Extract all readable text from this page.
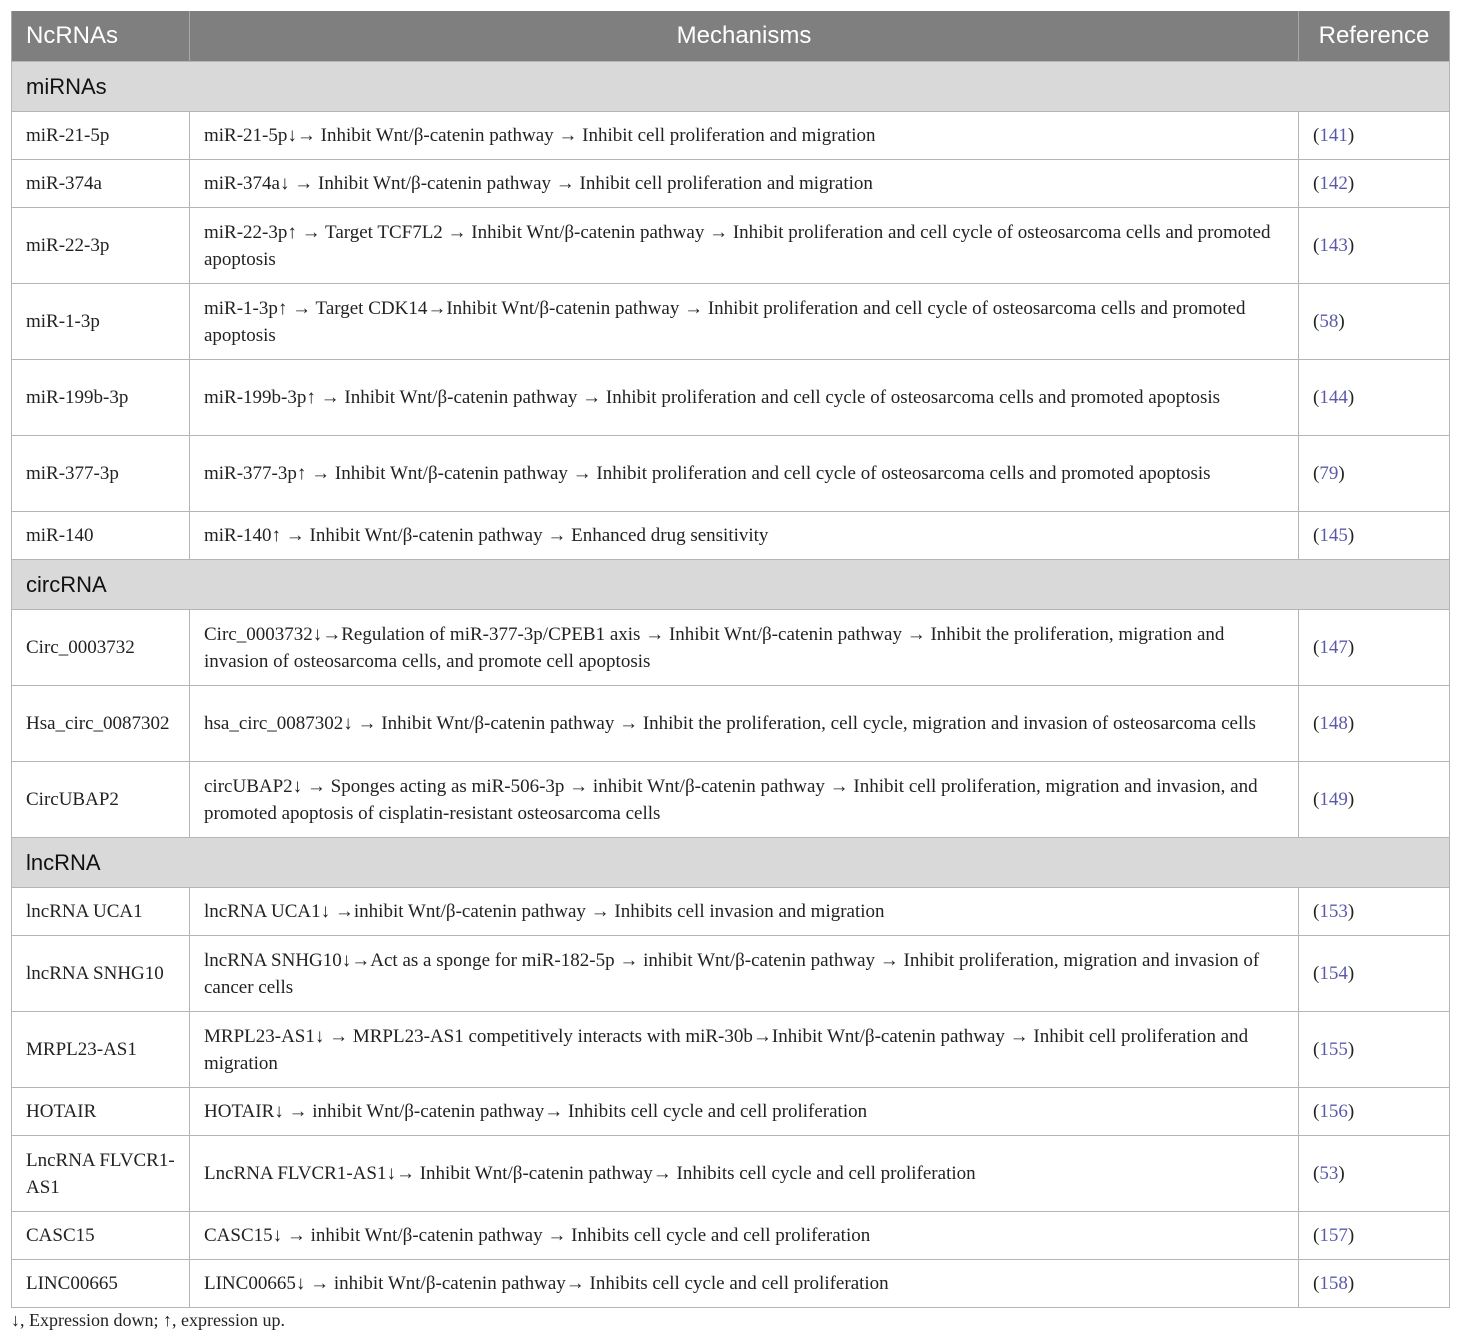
NcRNAs	Mechanisms	Reference
miRNAs		
miR-21-5p	miR-21-5p↓→ Inhibit Wnt/β-catenin pathway → Inhibit cell proliferation and migration	(141)
miR-374a	miR-374a↓ → Inhibit Wnt/β-catenin pathway → Inhibit cell proliferation and migration	(142)
miR-22-3p	miR-22-3p↑ → Target TCF7L2 → Inhibit Wnt/β-catenin pathway → Inhibit proliferation and cell cycle of osteosarcoma cells and promoted apoptosis	(143)
miR-1-3p	miR-1-3p↑ → Target CDK14→Inhibit Wnt/β-catenin pathway → Inhibit proliferation and cell cycle of osteosarcoma cells and promoted apoptosis	(58)
miR-199b-3p	miR-199b-3p↑ → Inhibit Wnt/β-catenin pathway → Inhibit proliferation and cell cycle of osteosarcoma cells and promoted apoptosis	(144)
miR-377-3p	miR-377-3p↑ → Inhibit Wnt/β-catenin pathway → Inhibit proliferation and cell cycle of osteosarcoma cells and promoted apoptosis	(79)
miR-140	miR-140↑ → Inhibit Wnt/β-catenin pathway → Enhanced drug sensitivity	(145)
circRNA		
Circ_0003732	Circ_0003732↓→Regulation of miR-377-3p/CPEB1 axis → Inhibit Wnt/β-catenin pathway → Inhibit the proliferation, migration and invasion of osteosarcoma cells, and promote cell apoptosis	(147)
Hsa_circ_0087302	hsa_circ_0087302↓ → Inhibit Wnt/β-catenin pathway → Inhibit the proliferation, cell cycle, migration and invasion of osteosarcoma cells	(148)
CircUBAP2	circUBAP2↓ → Sponges acting as miR-506-3p → inhibit Wnt/β-catenin pathway → Inhibit cell proliferation, migration and invasion, and promoted apoptosis of cisplatin-resistant osteosarcoma cells	(149)
lncRNA		
lncRNA UCA1	lncRNA UCA1↓ →inhibit Wnt/β-catenin pathway → Inhibits cell invasion and migration	(153)
lncRNA SNHG10	lncRNA SNHG10↓→Act as a sponge for miR-182-5p → inhibit Wnt/β-catenin pathway → Inhibit proliferation, migration and invasion of cancer cells	(154)
MRPL23-AS1	MRPL23-AS1↓ → MRPL23-AS1 competitively interacts with miR-30b→Inhibit Wnt/β-catenin pathway → Inhibit cell proliferation and migration	(155)
HOTAIR	HOTAIR↓ → inhibit Wnt/β-catenin pathway→ Inhibits cell cycle and cell proliferation	(156)
LncRNA FLVCR1-AS1	LncRNA FLVCR1-AS1↓→ Inhibit Wnt/β-catenin pathway→ Inhibits cell cycle and cell proliferation	(53)
CASC15	CASC15↓ → inhibit Wnt/β-catenin pathway → Inhibits cell cycle and cell proliferation	(157)
LINC00665	LINC00665↓ → inhibit Wnt/β-catenin pathway→ Inhibits cell cycle and cell proliferation	(158)
↓, Expression down; ↑, expression up.
